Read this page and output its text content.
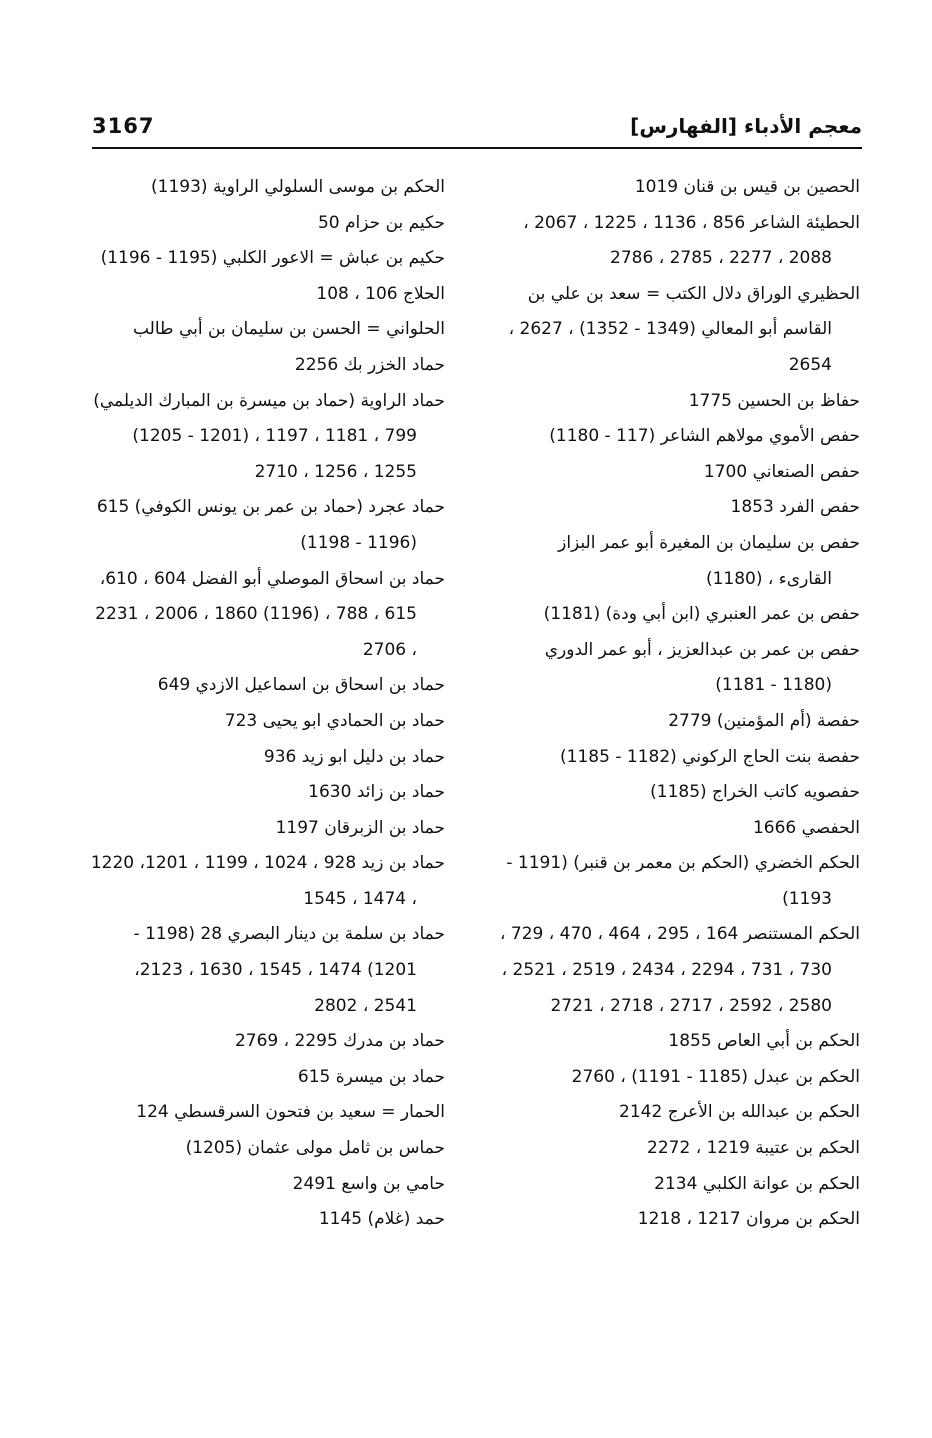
3167	معجم الأدباء [الفهارس]
الحصين بن قيس بن قنان 1019
الحطيئة الشاعر 856 ، 1136 ، 1225 ، 2067 ، 2088 ، 2277 ، 2785 ، 2786
الحظيري الوراق دلال الكتب = سعد بن علي بن القاسم أبو المعالي (1349 - 1352) ، 2627 ، 2654
حفاظ بن الحسين 1775
حفص الأموي مولاهم الشاعر (117 - 1180)
حفص الصنعاني 1700
حفص الفرد 1853
حفص بن سليمان بن المغيرة أبو عمر البزاز القارىء ، (1180)
حفص بن عمر العنبري (ابن أبي ودة) (1181)
حفص بن عمر بن عبدالعزيز ، أبو عمر الدوري (1180 - 1181)
حفصة (أم المؤمنين) 2779
حفصة بنت الحاج الركوني (1182 - 1185)
حفصويه كاتب الخراج (1185)
الحفصي 1666
الحكم الخضري (الحكم بن معمر بن قنبر) (1191 - 1193)
الحكم المستنصر 164 ، 295 ، 464 ، 470 ، 729 ، 730 ، 731 ، 2294 ، 2434 ، 2519 ، 2521 ، 2580 ، 2592 ، 2717 ، 2718 ، 2721
الحكم بن أبي العاص 1855
الحكم بن عبدل (1185 - 1191) ، 2760
الحكم بن عبدالله بن الأعرج 2142
الحكم بن عتيبة 1219 ، 2272
الحكم بن عوانة الكلبي 2134
الحكم بن مروان 1217 ، 1218
الحكم بن موسى السلولي الراوية (1193)
حكيم بن حزام 50
حكيم بن عباش = الاعور الكلبي (1195 - 1196)
الحلاج 106 ، 108
الحلواني = الحسن بن سليمان بن أبي طالب
حماد الخزر بك 2256
حماد الراوية (حماد بن ميسرة بن المبارك الديلمي) 799 ، 1181 ، 1197 ، (1201 - 1205) 1255 ، 1256 ، 2710
حماد عجرد (حماد بن عمر بن يونس الكوفي) 615 (1196 - 1198)
حماد بن اسحاق الموصلي أبو الفضل 604 ، 610، 615 ، 788 ، (1196) 1860 ، 2006 ، 2231 ، 2706
حماد بن اسحاق بن اسماعيل الازدي 649
حماد بن الحمادي ابو يحيى 723
حماد بن دليل ابو زيد 936
حماد بن زائد 1630
حماد بن الزبرقان 1197
حماد بن زيد 928 ، 1024 ، 1199 ، 1201، 1220 ، 1474 ، 1545
حماد بن سلمة بن دينار البصري 28 (1198 - 1201) 1474 ، 1545 ، 1630 ، 2123، 2541 ، 2802
حماد بن مدرك 2295 ، 2769
حماد بن ميسرة 615
الحمار = سعيد بن فتحون السرقسطي 124
حماس بن ثامل مولى عثمان (1205)
حامي بن واسع 2491
حمد (غلام) 1145
